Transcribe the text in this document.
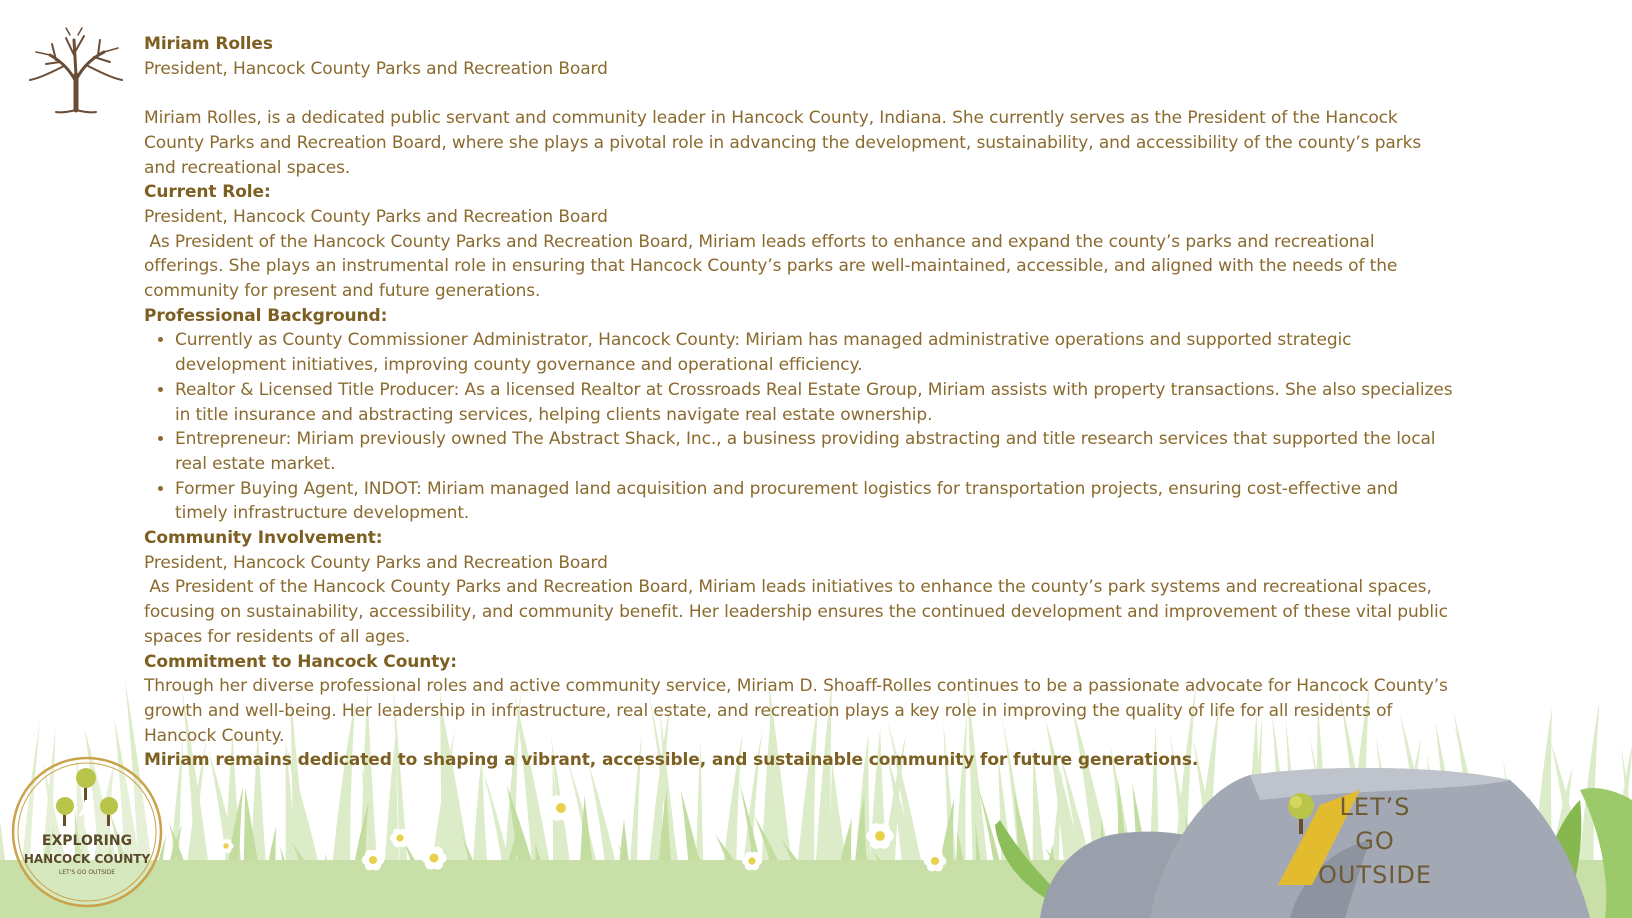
EXPLORING
HANCOCK COUNTY
LET'S GO OUTSIDE
LET’S
GO
OUTSIDE

Miriam Rolles

President, Hancock County Parks and Recreation Board

Miriam Rolles, is a dedicated public servant and community leader in Hancock County, Indiana. She currently serves as the President of the Hancock County Parks and Recreation Board, where she plays a pivotal role in advancing the development, sustainability, and accessibility of the county’s parks and recreational spaces.

Current Role:

President, Hancock County Parks and Recreation Board

As President of the Hancock County Parks and Recreation Board, Miriam leads efforts to enhance and expand the county’s parks and recreational offerings. She plays an instrumental role in ensuring that Hancock County’s parks are well-maintained, accessible, and aligned with the needs of the community for present and future generations.

Professional Background:

• Currently as County Commissioner Administrator, Hancock County: Miriam has managed administrative operations and supported strategic development initiatives, improving county governance and operational efficiency.
• Realtor & Licensed Title Producer: As a licensed Realtor at Crossroads Real Estate Group, Miriam assists with property transactions. She also specializes in title insurance and abstracting services, helping clients navigate real estate ownership.
• Entrepreneur: Miriam previously owned The Abstract Shack, Inc., a business providing abstracting and title research services that supported the local real estate market.
• Former Buying Agent, INDOT: Miriam managed land acquisition and procurement logistics for transportation projects, ensuring cost-effective and timely infrastructure development.

Community Involvement:

President, Hancock County Parks and Recreation Board

As President of the Hancock County Parks and Recreation Board, Miriam leads initiatives to enhance the county’s park systems and recreational spaces, focusing on sustainability, accessibility, and community benefit. Her leadership ensures the continued development and improvement of these vital public spaces for residents of all ages.

Commitment to Hancock County:

Through her diverse professional roles and active community service, Miriam D. Shoaff-Rolles continues to be a passionate advocate for Hancock County’s growth and well-being. Her leadership in infrastructure, real estate, and recreation plays a key role in improving the quality of life for all residents of Hancock County.

Miriam remains dedicated to shaping a vibrant, accessible, and sustainable community for future generations.
